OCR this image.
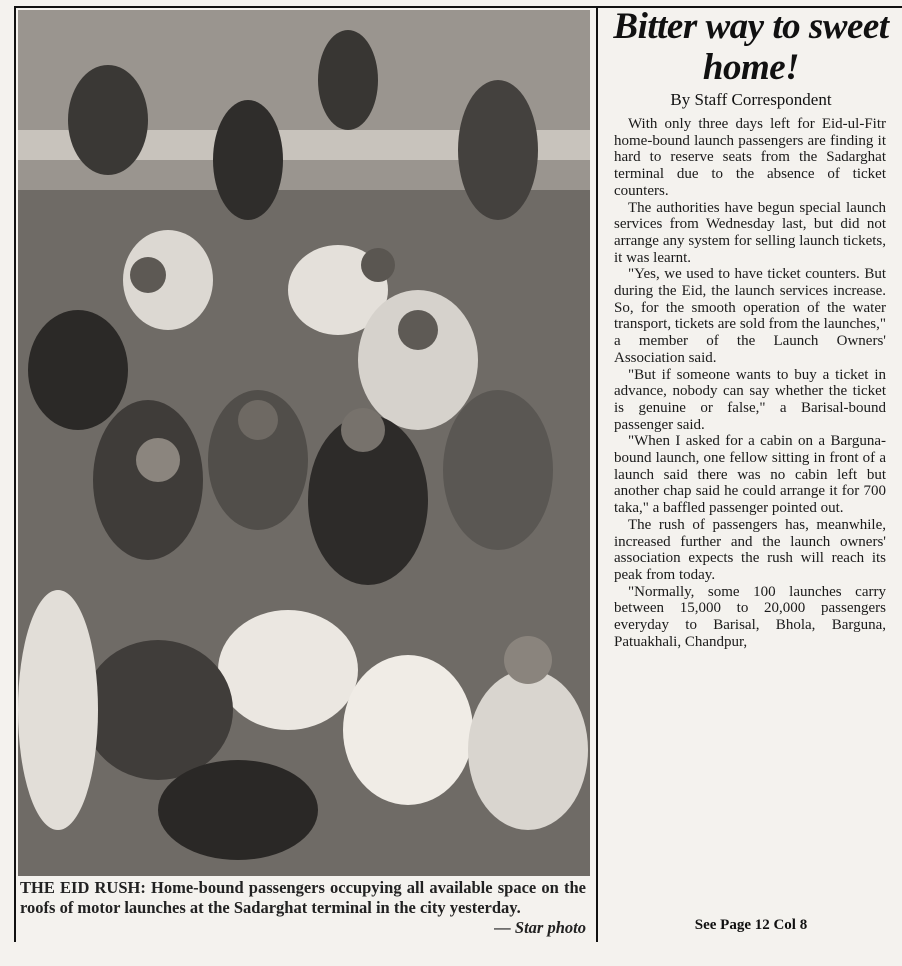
THE EID RUSH: Home-bound passengers occupying all available space on the roofs of motor launches at the Sadarghat terminal in the city yesterday.
— Star photo
Bitter way to sweet home!
By Staff Correspondent

With only three days left for Eid-ul-Fitr home-bound launch passengers are finding it hard to reserve seats from the Sadarghat terminal due to the absence of ticket counters.

The authorities have begun special launch services from Wednesday last, but did not arrange any system for selling launch tickets, it was learnt.

"Yes, we used to have ticket counters. But during the Eid, the launch services increase. So, for the smooth operation of the water transport, tickets are sold from the launches," a member of the Launch Owners' Association said.

"But if someone wants to buy a ticket in advance, nobody can say whether the ticket is genuine or false," a Barisal-bound passenger said.

"When I asked for a cabin on a Barguna-bound launch, one fellow sitting in front of a launch said there was no cabin left but another chap said he could arrange it for 700 taka," a baffled passenger pointed out.

The rush of passengers has, meanwhile, increased further and the launch owners' association expects the rush will reach its peak from today.

"Normally, some 100 launches carry between 15,000 to 20,000 passengers everyday to Barisal, Bhola, Barguna, Patuakhali, Chandpur,

See Page 12 Col 8
